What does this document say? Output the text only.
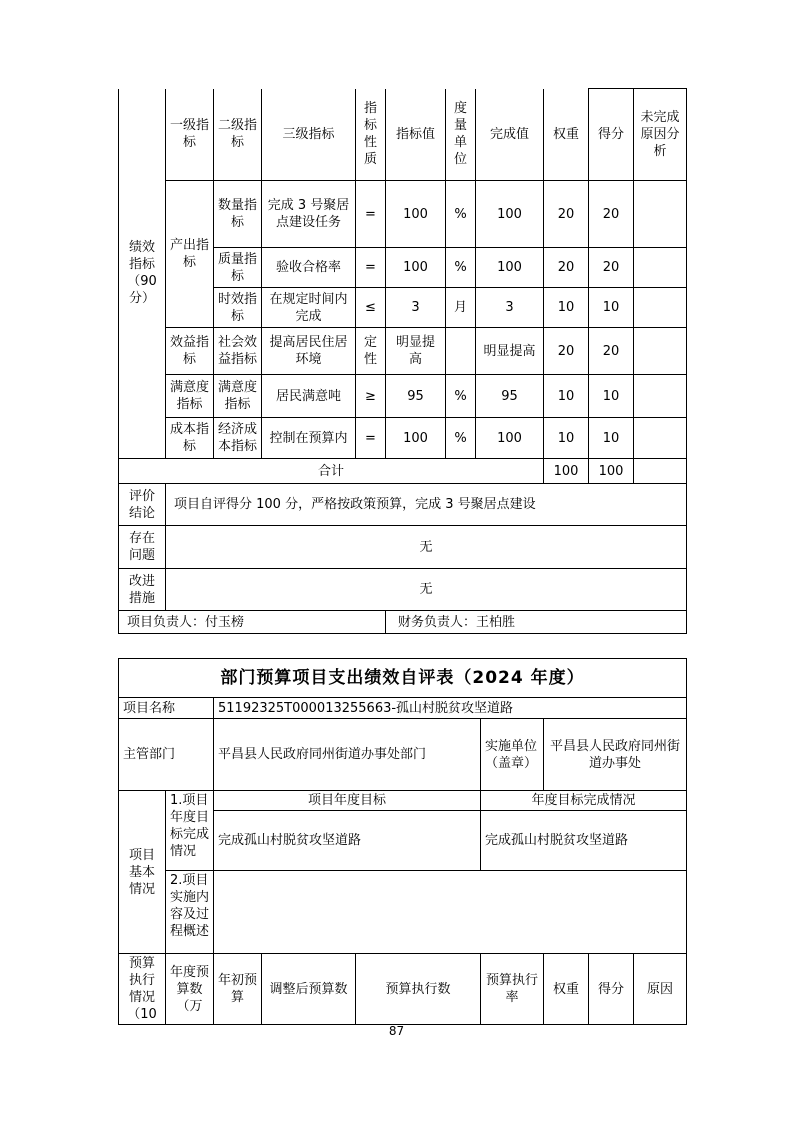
绩效指标（90 分）	一级指标	二级指标	三级指标	指标性质	指标值	度量单位	完成值	权重	得分	未完成原因分析
	产出指标	数量指标	完成 3 号聚居点建设任务	=	100	%	100	20	20	
		质量指标	验收合格率	=	100	%	100	20	20	
		时效指标	在规定时间内完成	≤	3	月	3	10	10	
	效益指标	社会效益指标	提高居民住居环境	定性	明显提高		明显提高	20	20	
	满意度指标	满意度指标	居民满意吨	≥	95	%	95	10	10	
	成本指标	经济成本指标	控制在预算内	=	100	%	100	10	10	
合计								100	100	
评价结论	项目自评得分 100 分，严格按政策预算，完成 3 号聚居点建设									
存在问题	无									
改进措施	无									
项目负责人：付玉榜					财务负责人：王柏胜					
部门预算项目支出绩效自评表（2024 年度）								
项目名称		51192325T000013255663-孤山村脱贫攻坚道路						
主管部门		平昌县人民政府同州街道办事处部门			实施单位 （盖章）	平昌县人民政府同州街道办事处		
项目基本情况	1.项目年度目标完成情况	项目年度目标			年度目标完成情况			
		完成孤山村脱贫攻坚道路			完成孤山村脱贫攻坚道路			
	2.项目实施内容及过程概述							
预算执行情况（10	年度预算数（万	年初预算	调整后预算数	预算执行数	预算执行率	权重	得分	原因
87
